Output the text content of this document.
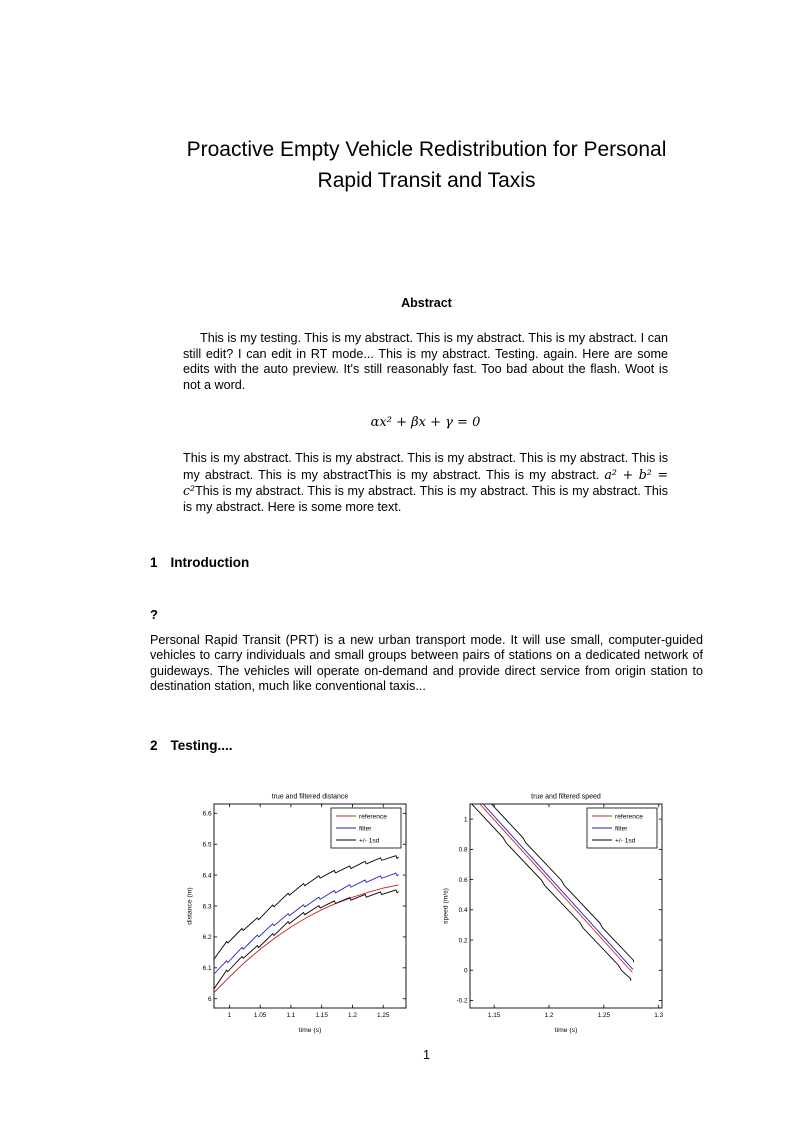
Proactive Empty Vehicle Redistribution for Personal
Rapid Transit and Taxis
Abstract

This is my testing. This is my abstract. This is my abstract. This is my abstract. I can still edit? I can edit in RT mode... This is my abstract. Testing. again. Here are some edits with the auto preview. It's still reasonably fast. Too bad about the flash. Woot is not a word.

αx² + βx + γ = 0

This is my abstract. This is my abstract. This is my abstract. This is my abstract. This is my abstract. This is my abstractThis is my abstract. This is my abstract. a² + b² = c²This is my abstract. This is my abstract. This is my abstract. This is my abstract. This is my abstract. Here is some more text.

1 Introduction

?

Personal Rapid Transit (PRT) is a new urban transport mode. It will use small, computer-guided vehicles to carry individuals and small groups between pairs of stations on a dedicated network of guideways. The vehicles will operate on-demand and provide direct service from origin station to destination station, much like conventional taxis...

2 Testing....
1	1.05	1.1	1.15	1.2	1.25
6
6.1
6.2
6.3
6.4
6.5
6.6
true and filtered distance
time (s)
distance (m)
reference
filter
+/- 1sd
1.15	1.2	1.25	1.3
-0.2
0
0.2
0.4
0.6
0.8
1
true and filtered speed
time (s)
speed (m/s)
reference
filter
+/- 1sd
1
